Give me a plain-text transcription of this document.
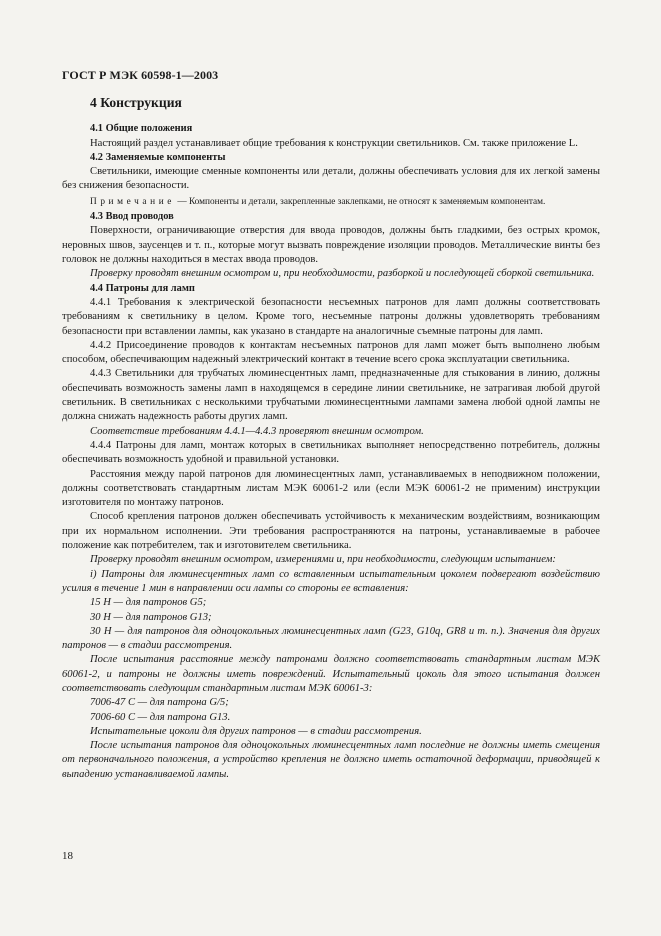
ГОСТ Р МЭК 60598-1—2003
4 Конструкция
4.1 Общие положения

Настоящий раздел устанавливает общие требования к конструкции светильников. См. также приложение L.

4.2 Заменяемые компоненты

Светильники, имеющие сменные компоненты или детали, должны обеспечивать условия для их легкой замены без снижения безопасности.

Примечание — Компоненты и детали, закрепленные заклепками, не относят к заменяемым компонентам.

4.3 Ввод проводов

Поверхности, ограничивающие отверстия для ввода проводов, должны быть гладкими, без острых кромок, неровных швов, заусенцев и т. п., которые могут вызвать повреждение изоляции проводов. Металлические винты без головок не должны находиться в местах ввода проводов.

Проверку проводят внешним осмотром и, при необходимости, разборкой и последующей сборкой светильника.

4.4 Патроны для ламп

4.4.1 Требования к электрической безопасности несъемных патронов для ламп должны соответствовать требованиям к светильнику в целом. Кроме того, несъемные патроны должны удовлетворять требованиям безопасности при вставлении лампы, как указано в стандарте на аналогичные съемные патроны для ламп.

4.4.2 Присоединение проводов к контактам несъемных патронов для ламп может быть выполнено любым способом, обеспечивающим надежный электрический контакт в течение всего срока эксплуатации светильника.

4.4.3 Светильники для трубчатых люминесцентных ламп, предназначенные для стыкования в линию, должны обеспечивать возможность замены ламп в находящемся в середине линии светильнике, не затрагивая любой другой светильник. В светильниках с несколькими трубчатыми люминесцентными лампами замена любой одной лампы не должна снижать надежность работы других ламп.

Соответствие требованиям 4.4.1—4.4.3 проверяют внешним осмотром.

4.4.4 Патроны для ламп, монтаж которых в светильниках выполняет непосредственно потребитель, должны обеспечивать возможность удобной и правильной установки.

Расстояния между парой патронов для люминесцентных ламп, устанавливаемых в неподвижном положении, должны соответствовать стандартным листам МЭК 60061-2 или (если МЭК 60061-2 не применим) инструкции изготовителя по монтажу патронов.

Способ крепления патронов должен обеспечивать устойчивость к механическим воздействиям, возникающим при их нормальном исполнении. Эти требования распространяются на патроны, устанавливаемые в рабочее положение как потребителем, так и изготовителем светильника.

Проверку проводят внешним осмотром, измерениями и, при необходимости, следующим испытанием:

i) Патроны для люминесцентных ламп со вставленным испытательным цоколем подвергают воздействию усилия в течение 1 мин в направлении оси лампы со стороны ее вставления:

15 Н — для патронов G5;

30 Н — для патронов G13;

30 Н — для патронов для одноцокольных люминесцентных ламп (G23, G10q, GR8 и т. п.). Значения для других патронов — в стадии рассмотрения.

После испытания расстояние между патронами должно соответствовать стандартным листам МЭК 60061-2, и патроны не должны иметь повреждений. Испытательный цоколь для этого испытания должен соответствовать следующим стандартным листам МЭК 60061-3:

7006-47 С — для патрона G/5;

7006-60 С — для патрона G13.

Испытательные цоколи для других патронов — в стадии рассмотрения.

После испытания патронов для одноцокольных люминесцентных ламп последние не должны иметь смещения от первоначального положения, а устройство крепления не должно иметь остаточной деформации, приводящей к выпадению устанавливаемой лампы.

18
